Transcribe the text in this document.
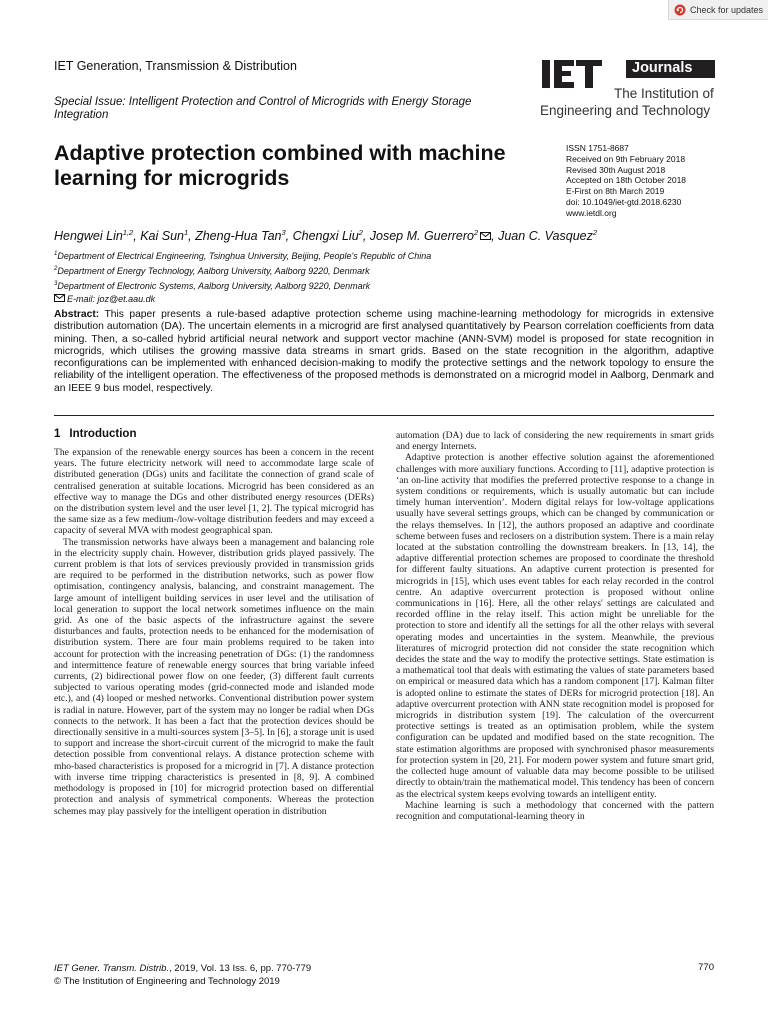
Check for updates
IET Generation, Transmission & Distribution
Special Issue: Intelligent Protection and Control of Microgrids with Energy Storage Integration
Journals
The Institution of
Engineering and Technology
Adaptive protection combined with machine learning for microgrids
ISSN 1751-8687
Received on 9th February 2018
Revised 30th August 2018
Accepted on 18th October 2018
E-First on 8th March 2019
doi: 10.1049/iet-gtd.2018.6230
www.ietdl.org
Hengwei Lin$^{1,2}$, Kai Sun$^1$, Zheng-Hua Tan$^3$, Chengxi Liu$^2$, Josep M. Guerrero$^2$ , Juan C. Vasquez$^2$
$^1$Department of Electrical Engineering, Tsinghua University, Beijing, People's Republic of China
$^2$Department of Energy Technology, Aalborg University, Aalborg 9220, Denmark
$^3$Department of Electronic Systems, Aalborg University, Aalborg 9220, Denmark
E-mail: joz@et.aau.dk
Abstract: This paper presents a rule-based adaptive protection scheme using machine-learning methodology for microgrids in extensive distribution automation (DA). The uncertain elements in a microgrid are first analysed quantitatively by Pearson correlation coefficients from data mining. Then, a so-called hybrid artificial neural network and support vector machine (ANN-SVM) model is proposed for state recognition in microgrids, which utilises the growing massive data streams in smart grids. Based on the state recognition in the algorithm, adaptive reconfigurations can be implemented with enhanced decision-making to modify the protective settings and the network topology to ensure the reliability of the intelligent operation. The effectiveness of the proposed methods is demonstrated on a microgrid model in Aalborg, Denmark and an IEEE 9 bus model, respectively.
1 Introduction

The expansion of the renewable energy sources has been a concern in the recent years. The future electricity network will need to accommodate large scale of distributed generation (DGs) units and facilitate the connection of grand scale of centralised generation at suitable locations. Microgrid has been considered as an effective way to manage the DGs and other distributed energy resources (DERs) on the distribution system level and the user level [1, 2]. The typical microgrid has the same size as a few medium-/low-voltage distribution feeders and may exceed a capacity of several MVA with modest geographical span.

The transmission networks have always been a management and balancing role in the electricity supply chain. However, distribution grids played passively. The current problem is that lots of services previously provided in transmission grids are required to be performed in the distribution networks, such as power flow optimisation, contingency analysis, balancing, and constraint management. The large amount of intelligent building services in user level and the utilisation of local generation to support the local network sometimes influence on the main grid. As one of the basic aspects of the infrastructure against the severe disturbances and faults, protection needs to be enhanced for the modernisation of distribution system. There are four main problems required to be taken into account for protection with the increasing penetration of DGs: (1) the randomness and intermittence feature of renewable energy sources that bring variable infeed currents, (2) bidirectional power flow on one feeder, (3) different fault currents subjected to various operating modes (grid-connected mode and islanded mode etc.), and (4) looped or meshed networks. Conventional distribution power system is radial in nature. However, part of the system may no longer be radial when DGs connects to the network. It has been a fact that the protection devices should be directionally sensitive in a multi-sources system [3–5]. In [6], a storage unit is used to support and increase the short-circuit current of the microgrid to make the fault detection possible from conventional relays. A distance protection scheme with mho-based characteristics is proposed for a microgrid in [7]. A distance protection with inverse time tripping characteristics is presented in [8, 9]. A combined methodology is proposed in [10] for microgrid protection based on differential protection and analysis of symmetrical components. Whereas the protection schemes may play passively for the intelligent operation in distribution

automation (DA) due to lack of considering the new requirements in smart grids and energy Internets.

Adaptive protection is another effective solution against the aforementioned challenges with more auxiliary functions. According to [11], adaptive protection is ‘an on-line activity that modifies the preferred protective response to a change in system conditions or requirements, which is usually automatic but can include timely human intervention’. Modern digital relays for low-voltage applications usually have several settings groups, which can be changed by communication or the relays themselves. In [12], the authors proposed an adaptive and coordinate scheme between fuses and reclosers on a distribution system. There is a main relay located at the substation controlling the downstream breakers. In [13, 14], the adaptive differential protection schemes are proposed to coordinate the threshold for different faulty situations. An adaptive current protection is presented for microgrids in [15], which uses event tables for each relay recorded in the control centre. An adaptive overcurrent protection is proposed without online communications in [16]. Here, all the other relays' settings are calculated and recorded offline in the relay itself. This action might be unreliable for the protection to store and identify all the settings for all the other relays with several operating modes and uncertainties in the system. Meanwhile, the previous literatures of microgrid protection did not consider the state recognition which decides the state and the way to modify the protective settings. State estimation is a mathematical tool that deals with estimating the values of state parameters based on empirical or measured data which has a random component [17]. Kalman filter is adopted online to estimate the states of DERs for microgrid protection [18]. An adaptive overcurrent protection with ANN state recognition model is proposed for microgrids in distribution system [19]. The calculation of the overcurrent protective settings is treated as an optimisation problem, while the system configuration can be updated and modified based on the state recognition. The state estimation algorithms are proposed with synchronised phasor measurements for protection system in [20, 21]. For modern power system and future smart grid, the collected huge amount of valuable data may become possible to be utilised directly to obtain/train the mathematical model. This tendency has been of concern as the electrical system keeps evolving towards an intelligent entity.

Machine learning is such a methodology that concerned with the pattern recognition and computational-learning theory in

IET Gener. Transm. Distrib., 2019, Vol. 13 Iss. 6, pp. 770-779
© The Institution of Engineering and Technology 2019
770
